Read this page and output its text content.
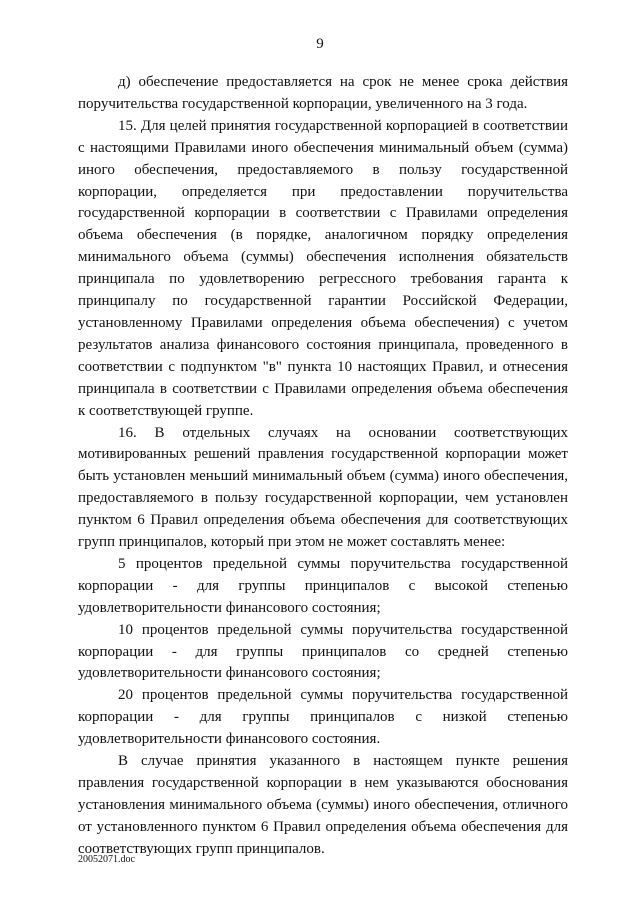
9

д) обеспечение предоставляется на срок не менее срока действия поручительства государственной корпорации, увеличенного на 3 года.

15. Для целей принятия государственной корпорацией в соответствии с настоящими Правилами иного обеспечения минимальный объем (сумма) иного обеспечения, предоставляемого в пользу государственной корпорации, определяется при предоставлении поручительства государственной корпорации в соответствии с Правилами определения объема обеспечения (в порядке, аналогичном порядку определения минимального объема (суммы) обеспечения исполнения обязательств принципала по удовлетворению регрессного требования гаранта к принципалу по государственной гарантии Российской Федерации, установленному Правилами определения объема обеспечения) с учетом результатов анализа финансового состояния принципала, проведенного в соответствии с подпунктом "в" пункта 10 настоящих Правил, и отнесения принципала в соответствии с Правилами определения объема обеспечения к соответствующей группе.

16. В отдельных случаях на основании соответствующих мотивированных решений правления государственной корпорации может быть установлен меньший минимальный объем (сумма) иного обеспечения, предоставляемого в пользу государственной корпорации, чем установлен пунктом 6 Правил определения объема обеспечения для соответствующих групп принципалов, который при этом не может составлять менее:

5 процентов предельной суммы поручительства государственной корпорации - для группы принципалов с высокой степенью удовлетворительности финансового состояния;

10 процентов предельной суммы поручительства государственной корпорации - для группы принципалов со средней степенью удовлетворительности финансового состояния;

20 процентов предельной суммы поручительства государственной корпорации - для группы принципалов с низкой степенью удовлетворительности финансового состояния.

В случае принятия указанного в настоящем пункте решения правления государственной корпорации в нем указываются обоснования установления минимального объема (суммы) иного обеспечения, отличного от установленного пунктом 6 Правил определения объема обеспечения для соответствующих групп принципалов.

20052071.doc
